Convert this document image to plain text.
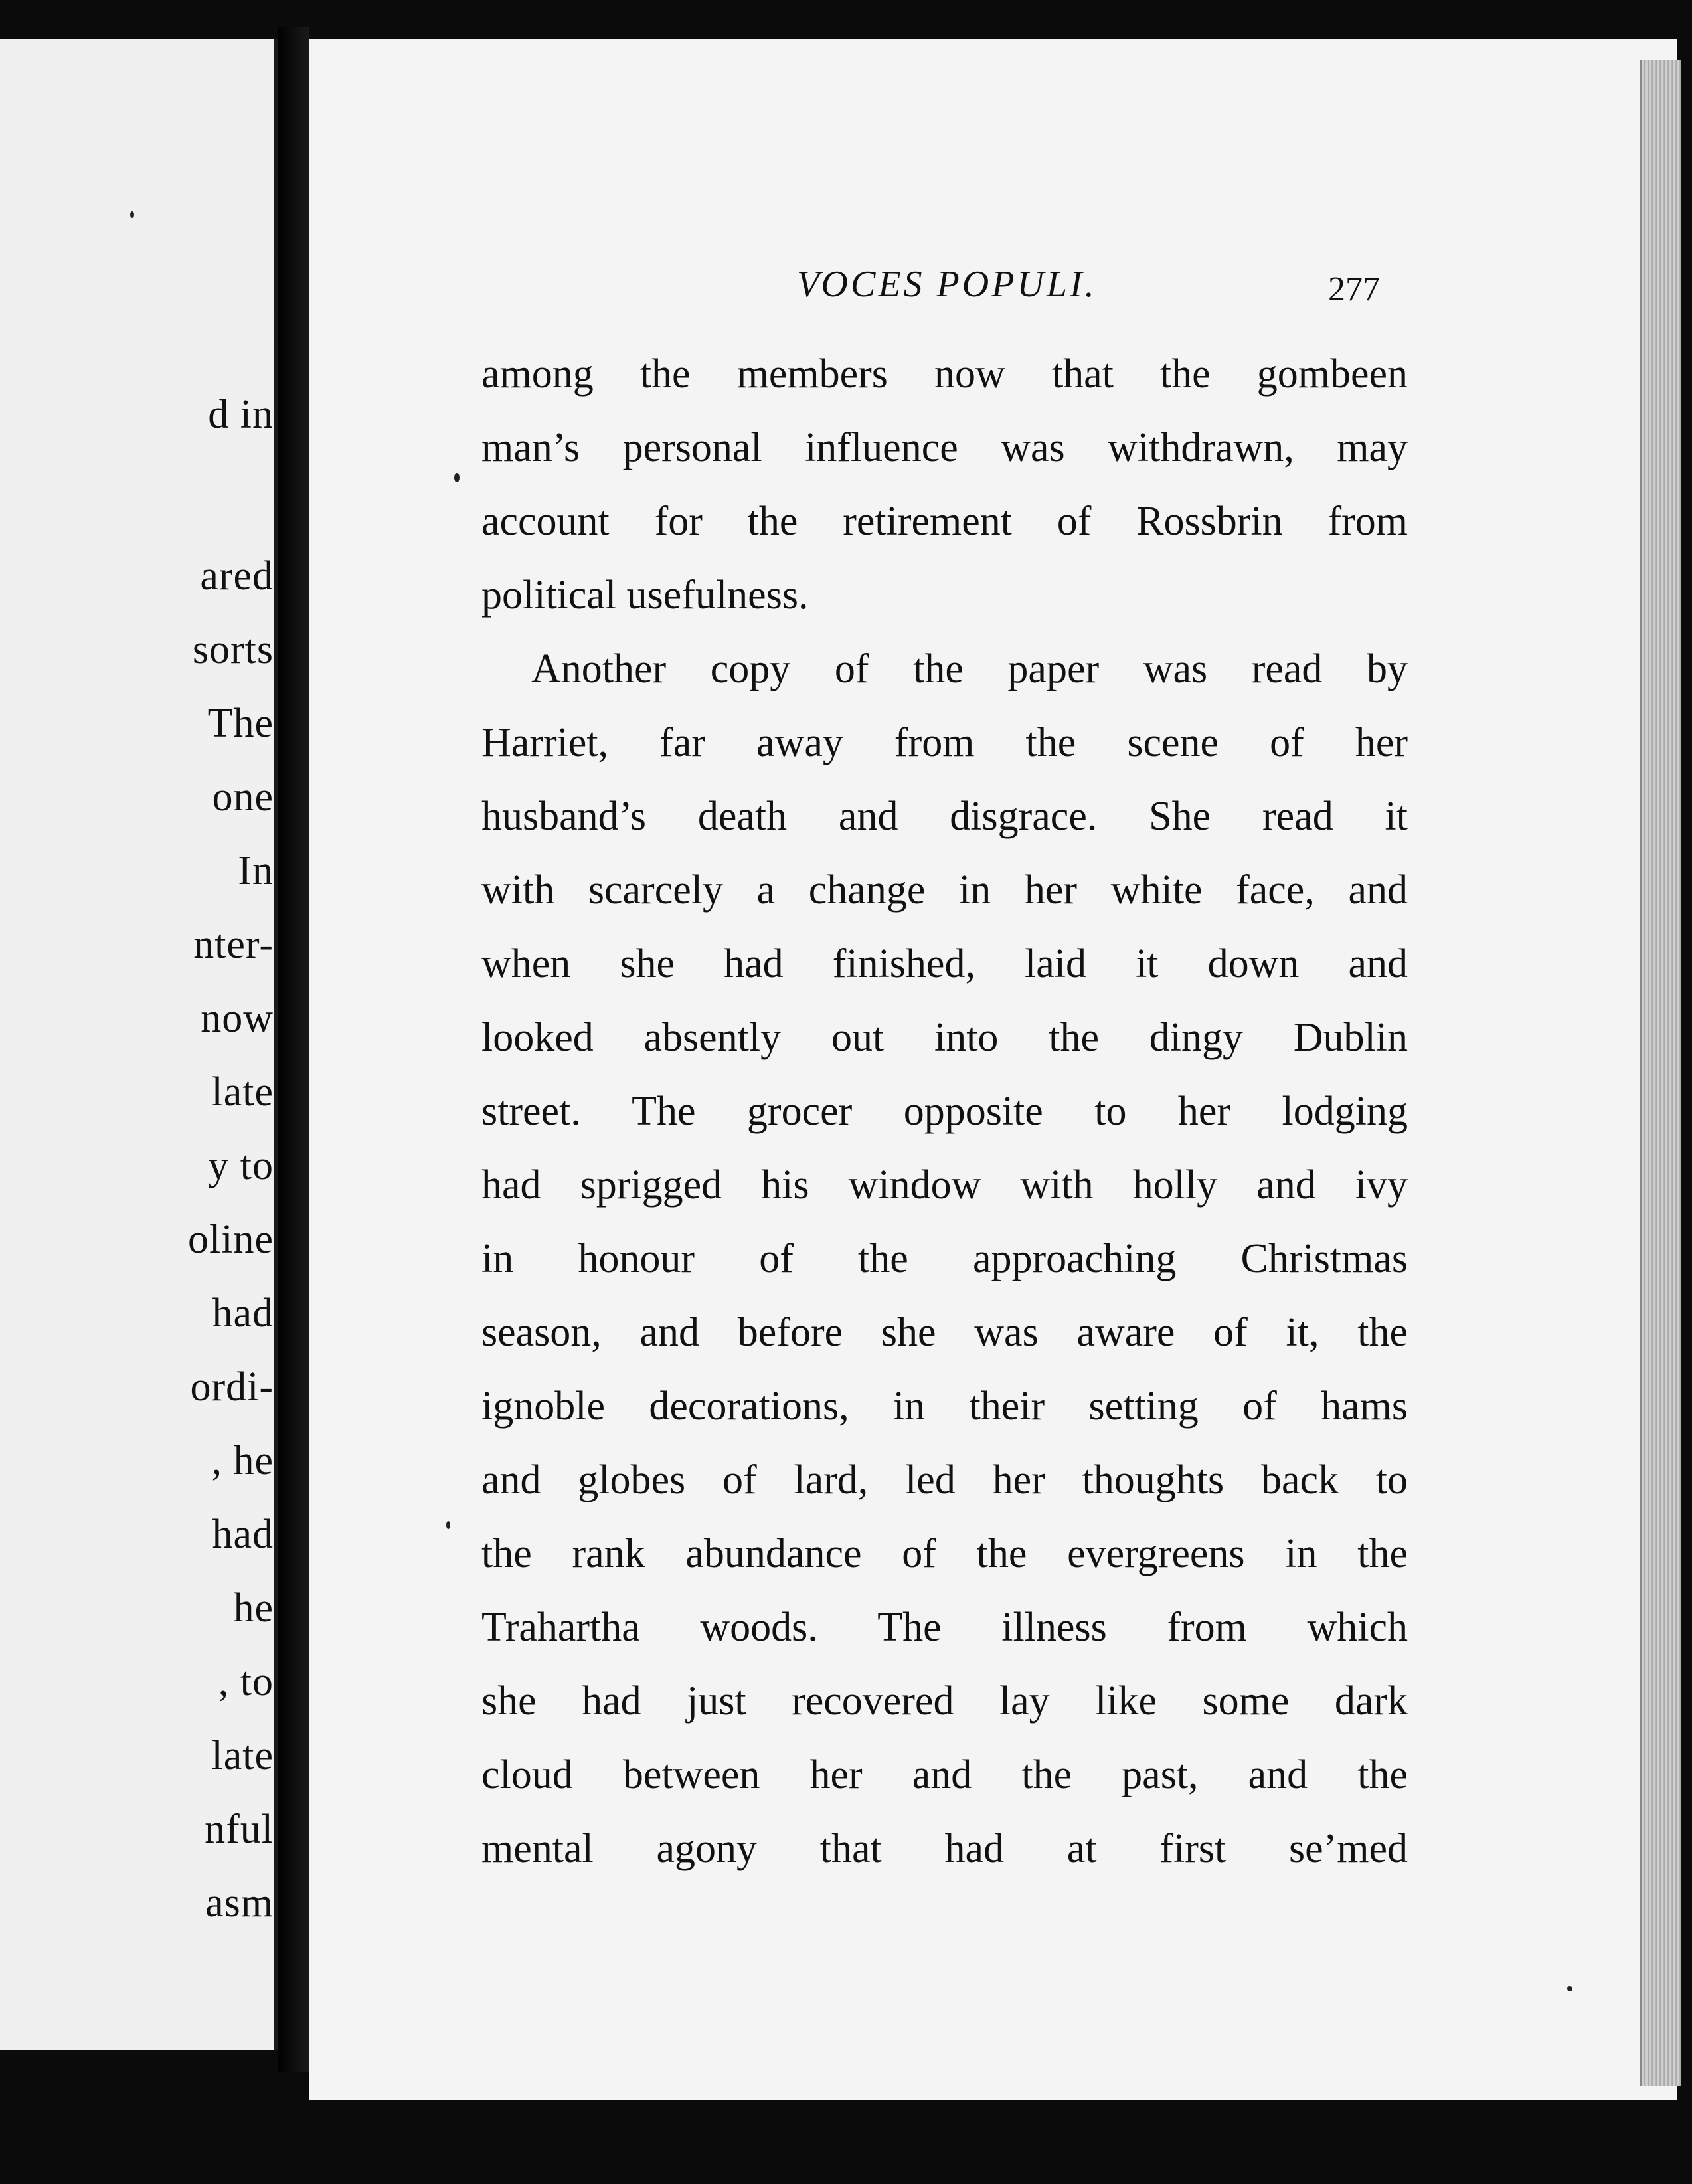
d in
ared
sorts
The
one
In
nter-
now
late
y to
oline
had
ordi-
, he
had
he
, to
late
nful
asm
VOCES POPULI.	277
among the members now that the gombeen
man’s personal influence was withdrawn, may
account for the retirement of Rossbrin from
political usefulness.
Another copy of the paper was read by
Harriet, far away from the scene of her
husband’s death and disgrace. She read it
with scarcely a change in her white face, and
when she had finished, laid it down and
looked absently out into the dingy Dublin
street. The grocer opposite to her lodging
had sprigged his window with holly and ivy
in honour of the approaching Christmas
season, and before she was aware of it, the
ignoble decorations, in their setting of hams
and globes of lard, led her thoughts back to
the rank abundance of the evergreens in the
Trahartha woods. The illness from which
she had just recovered lay like some dark
cloud between her and the past, and the
mental agony that had at first se’med
